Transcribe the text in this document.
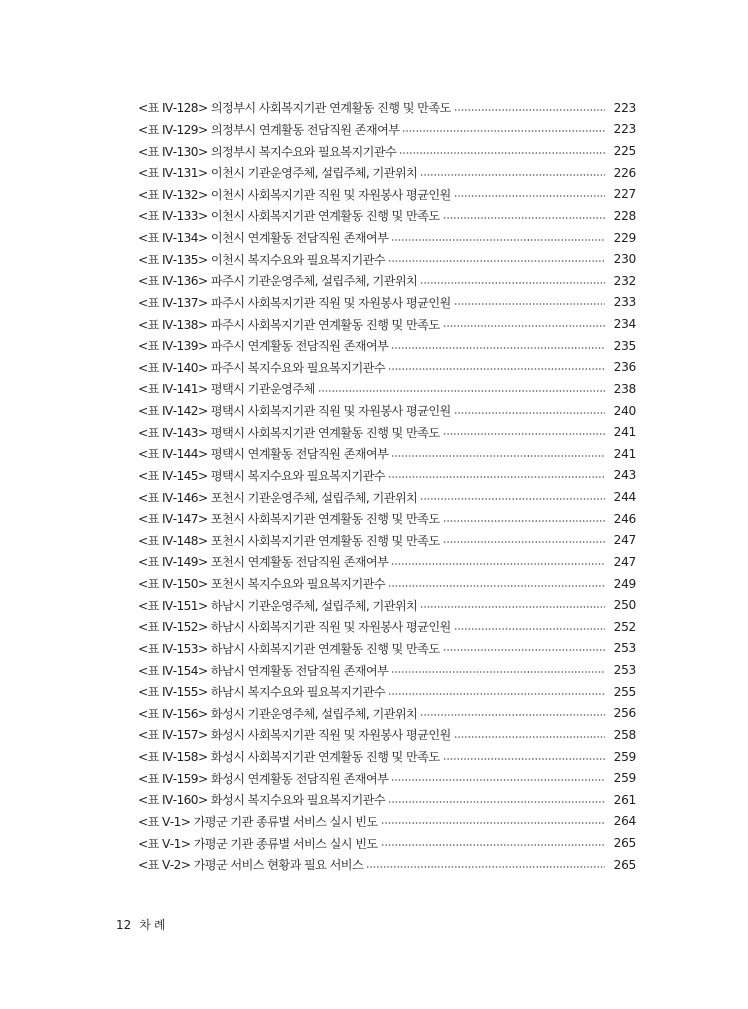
<표 Ⅳ-128> 의정부시 사회복지기관 연계활동 진행 및 만족도	223
<표 Ⅳ-129> 의정부시 연계활동 전담직원 존재여부	223
<표 Ⅳ-130> 의정부시 복지수요와 필요복지기관수	225
<표 Ⅳ-131> 이천시 기관운영주체, 설립주체, 기관위치	226
<표 Ⅳ-132> 이천시 사회복지기관 직원 및 자원봉사 평균인원	227
<표 Ⅳ-133> 이천시 사회복지기관 연계활동 진행 및 만족도	228
<표 Ⅳ-134> 이천시 연계활동 전담직원 존재여부	229
<표 Ⅳ-135> 이천시 복지수요와 필요복지기관수	230
<표 Ⅳ-136> 파주시 기관운영주체, 설립주체, 기관위치	232
<표 Ⅳ-137> 파주시 사회복지기관 직원 및 자원봉사 평균인원	233
<표 Ⅳ-138> 파주시 사회복지기관 연계활동 진행 및 만족도	234
<표 Ⅳ-139> 파주시 연계활동 전담직원 존재여부	235
<표 Ⅳ-140> 파주시 복지수요와 필요복지기관수	236
<표 Ⅳ-141> 평택시 기관운영주체	238
<표 Ⅳ-142> 평택시 사회복지기관 직원 및 자원봉사 평균인원	240
<표 Ⅳ-143> 평택시 사회복지기관 연계활동 진행 및 만족도	241
<표 Ⅳ-144> 평택시 연계활동 전담직원 존재여부	241
<표 Ⅳ-145> 평택시 복지수요와 필요복지기관수	243
<표 Ⅳ-146> 포천시 기관운영주체, 설립주체, 기관위치	244
<표 Ⅳ-147> 포천시 사회복지기관 연계활동 진행 및 만족도	246
<표 Ⅳ-148> 포천시 사회복지기관 연계활동 진행 및 만족도	247
<표 Ⅳ-149> 포천시 연계활동 전담직원 존재여부	247
<표 Ⅳ-150> 포천시 복지수요와 필요복지기관수	249
<표 Ⅳ-151> 하남시 기관운영주체, 설립주체, 기관위치	250
<표 Ⅳ-152> 하남시 사회복지기관 직원 및 자원봉사 평균인원	252
<표 Ⅳ-153> 하남시 사회복지기관 연계활동 진행 및 만족도	253
<표 Ⅳ-154> 하남시 연계활동 전담직원 존재여부	253
<표 Ⅳ-155> 하남시 복지수요와 필요복지기관수	255
<표 Ⅳ-156> 화성시 기관운영주체, 설립주체, 기관위치	256
<표 Ⅳ-157> 화성시 사회복지기관 직원 및 자원봉사 평균인원	258
<표 Ⅳ-158> 화성시 사회복지기관 연계활동 진행 및 만족도	259
<표 Ⅳ-159> 화성시 연계활동 전담직원 존재여부	259
<표 Ⅳ-160> 화성시 복지수요와 필요복지기관수	261
<표 Ⅴ-1> 가평군 기관 종류별 서비스 실시 빈도	264
<표 Ⅴ-1> 가평군 기관 종류별 서비스 실시 빈도	265
<표 Ⅴ-2> 가평군 서비스 현황과 필요 서비스	265
12 차례
